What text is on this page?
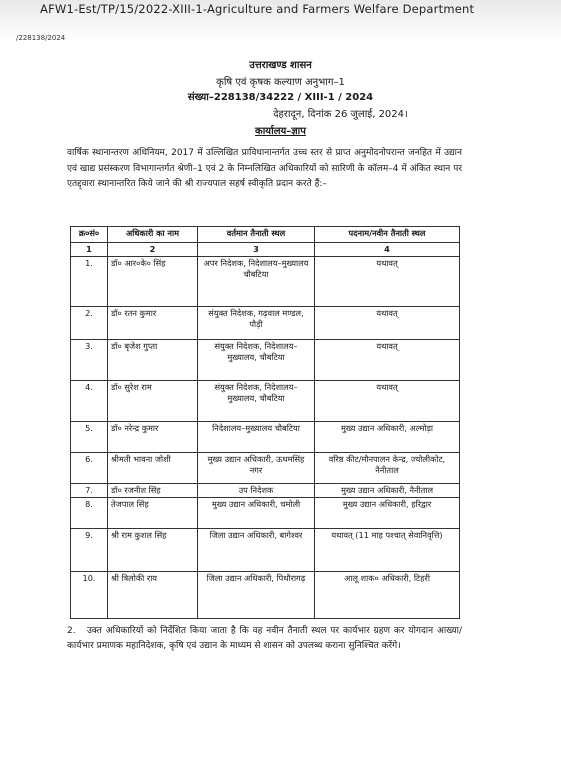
AFW1-Est/TP/15/2022-XIII-1-Agriculture and Farmers Welfare Department
/228138/2024
उत्तराखण्ड शासन
कृषि एवं कृषक कल्याण अनुभाग–1
संख्या–228138/34222 / XIII-1 / 2024
देहरादून, दिनांक 26 जुलाई, 2024।
कार्यालय–ज्ञाप
वार्षिक स्थानान्तरण अधिनियम, 2017 में उल्लिखित प्राविधानान्तर्गत उच्च स्तर से प्राप्त अनुमोदनोपरान्त जनहित में उद्यान एवं खाद्य प्रसंस्करण विभागान्तर्गत श्रेणी–1 एवं 2 के निम्नलिखित अधिकारियों को सारिणी के कॉलम–4 में अंकित स्थान पर एतद्द्वारा स्थानान्तरित किये जाने की श्री राज्यपाल सहर्ष स्वीकृति प्रदान करते हैं:–
क्र०सं०	अधिकारी का नाम	वर्तमान तैनाती स्थल	पदनाम/नवीन तैनाती स्थल
1	2	3	4
1.	डॉ० आर०के० सिंह	अपर निदेशक, निदेशालय–मुख्यालय चौबटिया	यथावत्
2.	डॉ० रतन कुमार	संयुक्त निदेशक, गढ़वाल मण्डल, पौड़ी	यथावत्
3.	डॉ० बृजेश गुप्ता	संयुक्त निदेशक, निदेशालय–मुख्यालय, चौबटिया	यथावत्
4.	डॉ० सुरेश राम	संयुक्त निदेशक, निदेशालय–मुख्यालय, चौबटिया	यथावत्
5.	डॉ० नरेन्द्र कुमार	निदेशालय–मुख्यालय चौबटिया	मुख्य उद्यान अधिकारी, अल्मोड़ा
6.	श्रीमती भावना जोशी	मुख्य उद्यान अधिकारी, ऊधमसिंह नगर	वरिष्ठ कीट/मौनपालन केन्द्र, ज्योलीकोट, नैनीताल
7.	डॉ० रजनीश सिंह	उप निदेशक	मुख्य उद्यान अधिकारी, नैनीताल
8.	तेजपाल सिंह	मुख्य उद्यान अधिकारी, चमोली	मुख्य उद्यान अधिकारी, हरिद्वार
9.	श्री राम कुशल सिंह	जिला उद्यान अधिकारी, बागेश्वर	यथावत् (11 माह पश्चात् सेवानिवृत्ति)
10.	श्री त्रिलोकी राय	जिला उद्यान अधिकारी, पिथौरागढ़	आलू शाक० अधिकारी, टिहरी
2. उक्त अधिकारियों को निर्देशित किया जाता है कि वह नवीन तैनाती स्थल पर कार्यभार ग्रहण कर योगदान आख्या/कार्यभार प्रमाणक महानिदेशक, कृषि एवं उद्यान के माध्यम से शासन को उपलब्ध कराना सुनिश्चित करेंगे।
